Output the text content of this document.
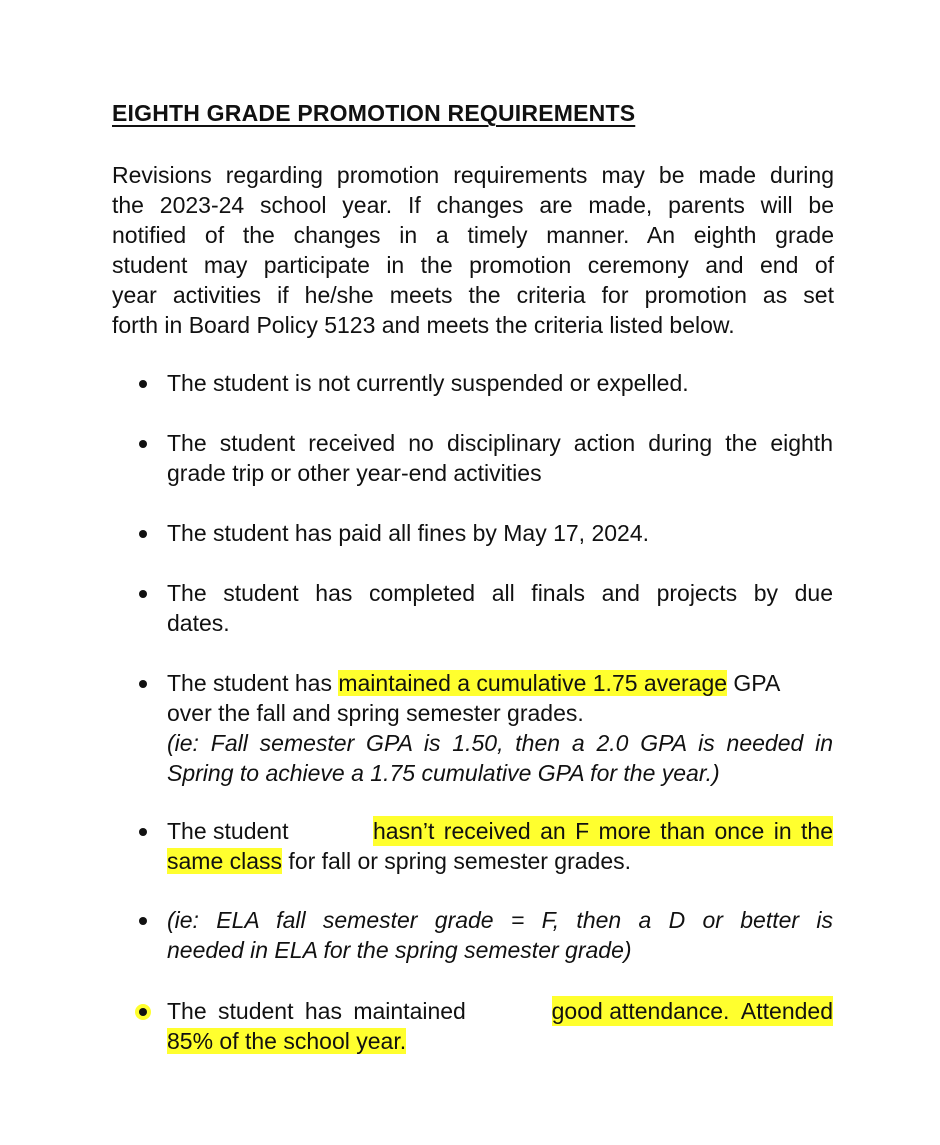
EIGHTH GRADE PROMOTION REQUIREMENTS
Revisions regarding promotion requirements may be made during
the 2023-24 school year. If changes are made, parents will be
notified of the changes in a timely manner. An eighth grade
student may participate in the promotion ceremony and end of
year activities if he/she meets the criteria for promotion as set
forth in Board Policy 5123 and meets the criteria listed below.
The student is not currently suspended or expelled.
The student received no disciplinary action during the eighth
grade trip or other year-end activities
The student has paid all fines by May 17, 2024.
The student has completed all finals and projects by due
dates.
The student has maintained a cumulative 1.75 average GPA
over the fall and spring semester grades.
(ie: Fall semester GPA is 1.50, then a 2.0 GPA is needed in
Spring to achieve a 1.75 cumulative GPA for the year.)
The student	hasn’t received an F more than once in the
same class for fall or spring semester grades.
(ie: ELA fall semester grade = F, then a D or better is
needed in ELA for the spring semester grade)
The student has maintained	good attendance.  Attended
85% of the school year.
